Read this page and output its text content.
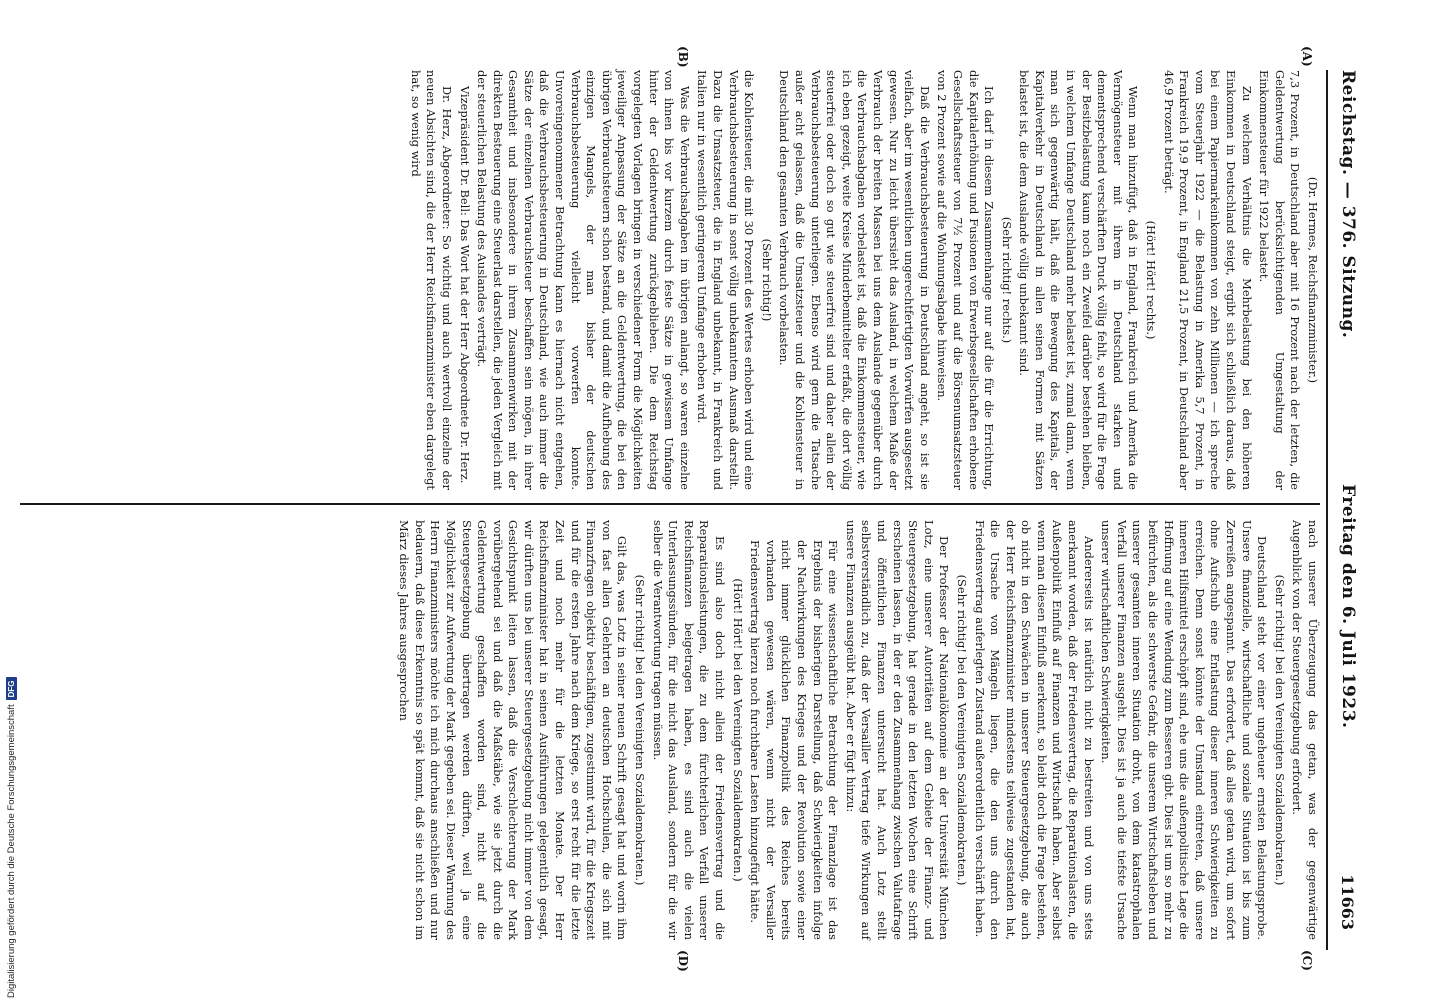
Reichstag. — 376. Sitzung.
Freitag den 6. Juli 1923.
11663
(A)
(B)
(C)
(D)

(Dr. Hermes, Reichsfinanzminister.)

7,3 Prozent, in Deutschland aber mit 16 Prozent nach der letzten, die Geldentwertung berücksichtigenden Umgestaltung der Einkommensteuer für 1922 belastet.

Zu welchem Verhältnis die Mehrbelastung bei den höheren Einkommen in Deutschland steigt, ergibt sich schließlich daraus, daß bei einem Papiermarkeinkommen von zehn Millionen — ich spreche vom Steuerjahr 1922 — die Belastung in Amerika 5,7 Prozent, in Frankreich 19,9 Prozent, in England 21,5 Prozent, in Deutschland aber 46,9 Prozent beträgt.

(Hört! Hört! rechts.)

Wenn man hinzufügt, daß in England, Frankreich und Amerika die Vermögensteuer mit ihrem in Deutschland starken und dementsprechend verschärften Druck völlig fehlt, so wird für die Frage der Besitzbelastung kaum noch ein Zweifel darüber bestehen bleiben, in welchem Umfange Deutschland mehr belastet ist, zumal dann, wenn man sich gegenwärtig hält, daß die Bewegung des Kapitals, der Kapitalverkehr in Deutschland in allen seinen Formen mit Sätzen belastet ist, die dem Auslande völlig unbekannt sind.

(Sehr richtig! rechts.)

Ich darf in diesem Zusammenhange nur auf die für die Errichtung, die Kapitalerhöhung und Fusionen von Erwerbsgesellschaften erhobene Gesellschaftssteuer von 7½ Prozent und auf die Börsenumsatzsteuer von 2 Prozent sowie auf die Wohnungsabgabe hinweisen.

Daß die Verbrauchsbesteuerung in Deutschland angeht, so ist sie vielfach, aber im wesentlichen ungerechtfertigten Vorwürfen ausgesetzt gewesen. Nur zu leicht übersieht das Ausland, in welchem Maße der Verbrauch der breiten Massen bei uns dem Auslande gegenüber durch die Verbrauchsabgaben vorbelastet ist, daß die Einkommensteuer, wie ich eben gezeigt, weite Kreise Minderbemittelter erfaßt, die dort völlig steuerfrei oder doch so gut wie steuerfrei sind und daher allein der Verbrauchsbesteuerung unterliegen. Ebenso wird gern die Tatsache außer acht gelassen, daß die Umsatzsteuer und die Kohlensteuer in Deutschland den gesamten Verbrauch vorbelasten.

(Sehr richtig!)

die Kohlensteuer, die mit 30 Prozent des Wertes erhoben wird und eine Verbrauchsbesteuerung in sonst völlig unbekanntem Ausmaß darstellt. Dazu die Umsatzsteuer, die in England unbekannt, in Frankreich und Italien nur in wesentlich geringerem Umfange erhoben wird.

Was die Verbrauchsabgaben im übrigen anlangt, so waren einzelne von ihnen bis vor kurzem durch feste Sätze in gewissem Umfange hinter der Geldentwertung zurückgeblieben. Die dem Reichstag vorgelegten Vorlagen bringen in verschiedener Form die Möglichkeiten jeweiliger Anpassung der Sätze an die Geldentwertung, die bei den übrigen Verbrauchsteuern schon bestand, und damit die Aufhebung des einzigen Mangels, der man bisher der deutschen Verbrauchsbesteuerung vielleicht vorwerfen konnte. Unvoreingenommener Betrachtung kann es hiernach nicht entgehen, daß die Verbrauchsbesteuerung in Deutschland, wie auch immer die Sätze der einzelnen Verbrauchsteuer beschaffen sein mögen, in ihrer Gesamtheit und insbesondere in ihrem Zusammenwirken mit der direkten Besteuerung eine Steuerlast darstellen, die jeden Vergleich mit der steuerlichen Belastung des Auslandes verträgt.

Vizepräsident Dr. Bell: Das Wort hat der Herr Abgeordnete Dr. Herz.

Dr. Herz, Abgeordneter: So wichtig und auch wertvoll einzelne der neuen Absichten sind, die der Herr Reichsfinanzminister eben dargelegt hat, so wenig wird

nach unserer Überzeugung das getan, was der gegenwärtige Augenblick von der Steuergesetzgebung erfordert.

(Sehr richtig! bei den Vereinigten Sozialdemokraten.)

Deutschland steht vor einer ungeheuer ernsten Belastungsprobe. Unsere finanzielle, wirtschaftliche und soziale Situation ist bis zum Zerreißen angespannt. Das erfordert, daß alles getan wird, um sofort ohne Aufschub eine Entlastung dieser inneren Schwierigkeiten zu erreichen. Denn sonst könnte der Umstand eintreten, daß unsere inneren Hilfsmittel erschöpft sind, ehe uns die außenpolitische Lage die Hoffnung auf eine Wendung zum Besseren gibt. Dies ist um so mehr zu befürchten, als die schwerste Gefahr, die unserem Wirtschaftsleben und unserer gesamten inneren Situation droht, von dem katastrophalen Verfall unserer Finanzen ausgeht. Dies ist ja auch die tiefste Ursache unserer wirtschaftlichen Schwierigkeiten.

Andererseits ist natürlich nicht zu bestreiten und von uns stets anerkannt worden, daß der Friedensvertrag, die Reparationslasten, die Außenpolitik Einfluß auf Finanzen und Wirtschaft haben. Aber selbst wenn man diesen Einfluß anerkennt, so bleibt doch die Frage bestehen, ob nicht in den Schwächen in unserer Steuergesetzgebung, die auch der Herr Reichsfinanzminister mindestens teilweise zugestanden hat, die Ursache von Mängeln liegen, die den uns durch den Friedensvertrag auferlegten Zustand außerordentlich verschärft haben.

(Sehr richtig! bei den Vereinigten Sozialdemokraten.)

Der Professor der Nationalökonomie an der Universität München Lotz, eine unserer Autoritäten auf dem Gebiete der Finanz- und Steuergesetzgebung, hat gerade in den letzten Wochen eine Schrift erscheinen lassen, in der er den Zusammenhang zwischen Valutafrage und öffentlichen Finanzen untersucht hat. Auch Lotz stellt selbstverständlich zu, daß der Versailler Vertrag tiefe Wirkungen auf unsere Finanzen ausgeübt hat. Aber er fügt hinzu:

Für eine wissenschaftliche Betrachtung der Finanzlage ist das Ergebnis der bisherigen Darstellung, daß Schwierigkeiten infolge der Nachwirkungen des Krieges und der Revolution sowie einer nicht immer glücklichen Finanzpolitik des Reiches bereits vorhanden gewesen wären, wenn nicht der Versailler Friedensvertrag hierzu noch furchtbare Lasten hinzugefügt hätte.

(Hört! Hört! bei den Vereinigten Sozialdemokraten.)

Es sind also doch nicht allein der Friedensvertrag und die Reparationsleistungen, die zu dem fürchterlichen Verfall unserer Reichsfinanzen beigetragen haben, es sind auch die vielen Unterlassungssünden, für die nicht das Ausland, sondern für die wir selber die Verantwortung tragen müssen.

(Sehr richtig! bei den Vereinigten Sozialdemokraten.)

Gilt das, was Lotz in seiner neuen Schrift gesagt hat und worin ihm von fast allen Gelehrten an deutschen Hochschulen, die sich mit Finanzfragen objektiv beschäftigen, zugestimmt wird, für die Kriegszeit und für die ersten Jahre nach dem Kriege, so erst recht für die letzte Zeit und noch mehr für die letzten Monate. Der Herr Reichsfinanzminister hat in seinen Ausführungen gelegentlich gesagt, wir dürften uns bei unserer Steuergesetzgebung nicht immer von dem Gesichtspunkt leiten lassen, daß die Verschlechterung der Mark vorübergehend sei und daß die Maßstäbe, wie sie jetzt durch die Geldentwertung geschaffen worden sind, nicht auf die Steuergesetzgebung übertragen werden dürften, weil ja eine Möglichkeit zur Aufwertung der Mark gegeben sei. Dieser Warnung des Herrn Finanzministers möchte ich mich durchaus anschließen und nur bedauern, daß diese Erkenntnis so spät kommt, daß sie nicht schon im März dieses Jahres ausgesprochen

Digitalisierung gefördert durch die Deutsche Forschungsgemeinschaft
DFG
